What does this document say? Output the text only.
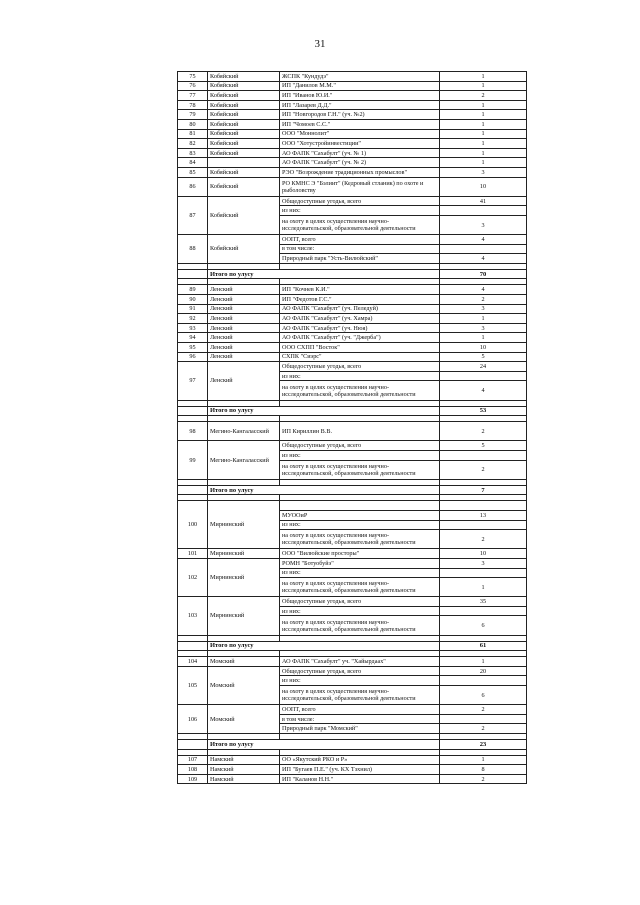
31
75	Кобяйский	ЖСПК "Кундудэ"	1
76	Кобяйский	ИП "Данилов М.М."	1
77	Кобяйский	ИП "Иванов Ю.И."	2
78	Кобяйский	ИП "Лазарев Д.Д."	1
79	Кобяйский	ИП "Новгородов Г.Н." (уч. №2)	1
80	Кобяйский	ИП "Чомоев С.С."	1
81	Кобяйский	ООО "Моннолит"	1
82	Кобяйский	ООО "Хотустройинвестиции"	1
83	Кобяйский	АО ФАПК "Сахабулт" (уч. № 1)	1
84		АО ФАПК "Сахабулт" (уч. № 2)	1
85	Кобяйский	РЭО "Возрождение традиционных промыслов"	3
86	Кобяйский	РО КМНС Э "Бэлиит" (Кедровый стланик) по охоте и рыболовству	10
87	Кобяйский	Общедоступные угодья, всего	41
		из них:	
		на охоту в целях осуществления научно-исследовательской, образовательной деятельности	3
88	Кобяйский	ООПТ, всего	4
		в том числе:	
		Природный парк "Усть-Вилюйский"	4

	Итого по улусу		70

89	Ленский	ИП "Кочнев К.И."	4
90	Ленский	ИП "Федотов Г.С."	2
91	Ленский	АО ФАПК "Сахабулт" (уч. Пеледуй)	3
92	Ленский	АО ФАПК "Сахабулт" (уч. Хамра)	1
93	Ленский	АО ФАПК "Сахабулт" (уч. Нюя)	3
94	Ленский	АО ФАПК "Сахабулт" (уч. "Джерба")	1
95	Ленский	ООО СХПП "Восток"	10
96	Ленский	СХПК "Сиэрс"	5
97	Ленский	Общедоступные угодья, всего	24
		из них:	
		на охоту в целях осуществления научно-исследовательской, образовательной деятельности	4

	Итого по улусу		53

98	Мегино-Кангаласский	ИП Кириллин В.В.	2
99	Мегино-Кангаласский	Общедоступные угодья, всего	5
		из них:	
		на охоту в целях осуществления научно-исследовательской, образовательной деятельности	2

	Итого по улусу		7

100	Мирнинский		
		МУООиР	13
		из них:	
		на охоту в целях осуществления научно-исследовательской, образовательной деятельности	2
101	Мирнинский	ООО "Вилюйские просторы"	10
102	Мирнинский	РОМН "Ботуобуйэ"	3
		из них:	
		на охоту в целях осуществления научно-исследовательской, образовательной деятельности	1
103	Мирнинский	Общедоступные угодья, всего	35
		из них:	
		на охоту в целях осуществления научно-исследовательской, образовательной деятельности	6

	Итого по улусу		61

104	Момский	АО ФАПК "Сахабулт" уч. "Хайырдаах"	1
105	Момский	Общедоступные угодья, всего	20
		из них:	
		на охоту в целях осуществления научно-исследовательской, образовательной деятельности	6
106	Момский	ООПТ, всего	2
		в том числе:	
		Природный парк "Момский"	2

	Итого по улусу		23

107	Намский	ОО «Якутский РКО и Р»	1
108	Намский	ИП "Бугаев П.Е." (уч. КХ Тэхнил)	8
109	Намский	ИП "Каланов Н.Н."	2
